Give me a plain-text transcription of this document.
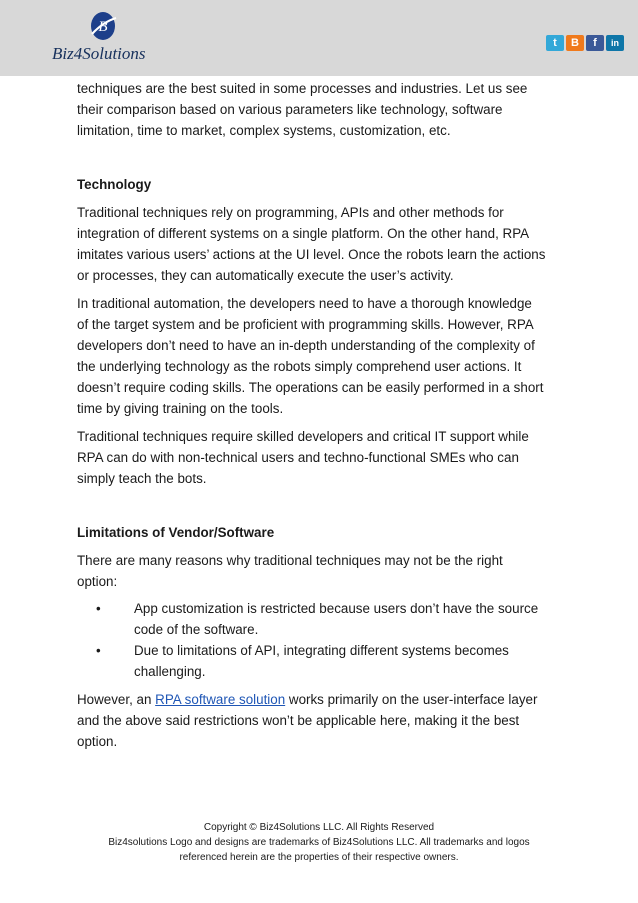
B
Biz4Solutions
t	B	f	in

techniques are the best suited in some processes and industries. Let us see
their comparison based on various parameters like technology, software
limitation, time to market, complex systems, customization, etc.

Technology

Traditional techniques rely on programming, APIs and other methods for
integration of different systems on a single platform. On the other hand, RPA
imitates various users’ actions at the UI level. Once the robots learn the actions
or processes, they can automatically execute the user’s activity.

In traditional automation, the developers need to have a thorough knowledge
of the target system and be proficient with programming skills. However, RPA
developers don’t need to have an in-depth understanding of the complexity of
the underlying technology as the robots simply comprehend user actions. It
doesn’t require coding skills. The operations can be easily performed in a short
time by giving training on the tools.

Traditional techniques require skilled developers and critical IT support while
RPA can do with non-technical users and techno-functional SMEs who can
simply teach the bots.

Limitations of Vendor/Software

There are many reasons why traditional techniques may not be the right
option:

• App customization is restricted because users don’t have the source
code of the software.
• Due to limitations of API, integrating different systems becomes
challenging.

However, an RPA software solution works primarily on the user-interface layer
and the above said restrictions won’t be applicable here, making it the best
option.

Copyright © Biz4Solutions LLC. All Rights Reserved
Biz4solutions Logo and designs are trademarks of Biz4Solutions LLC. All trademarks and logos
referenced herein are the properties of their respective owners.
